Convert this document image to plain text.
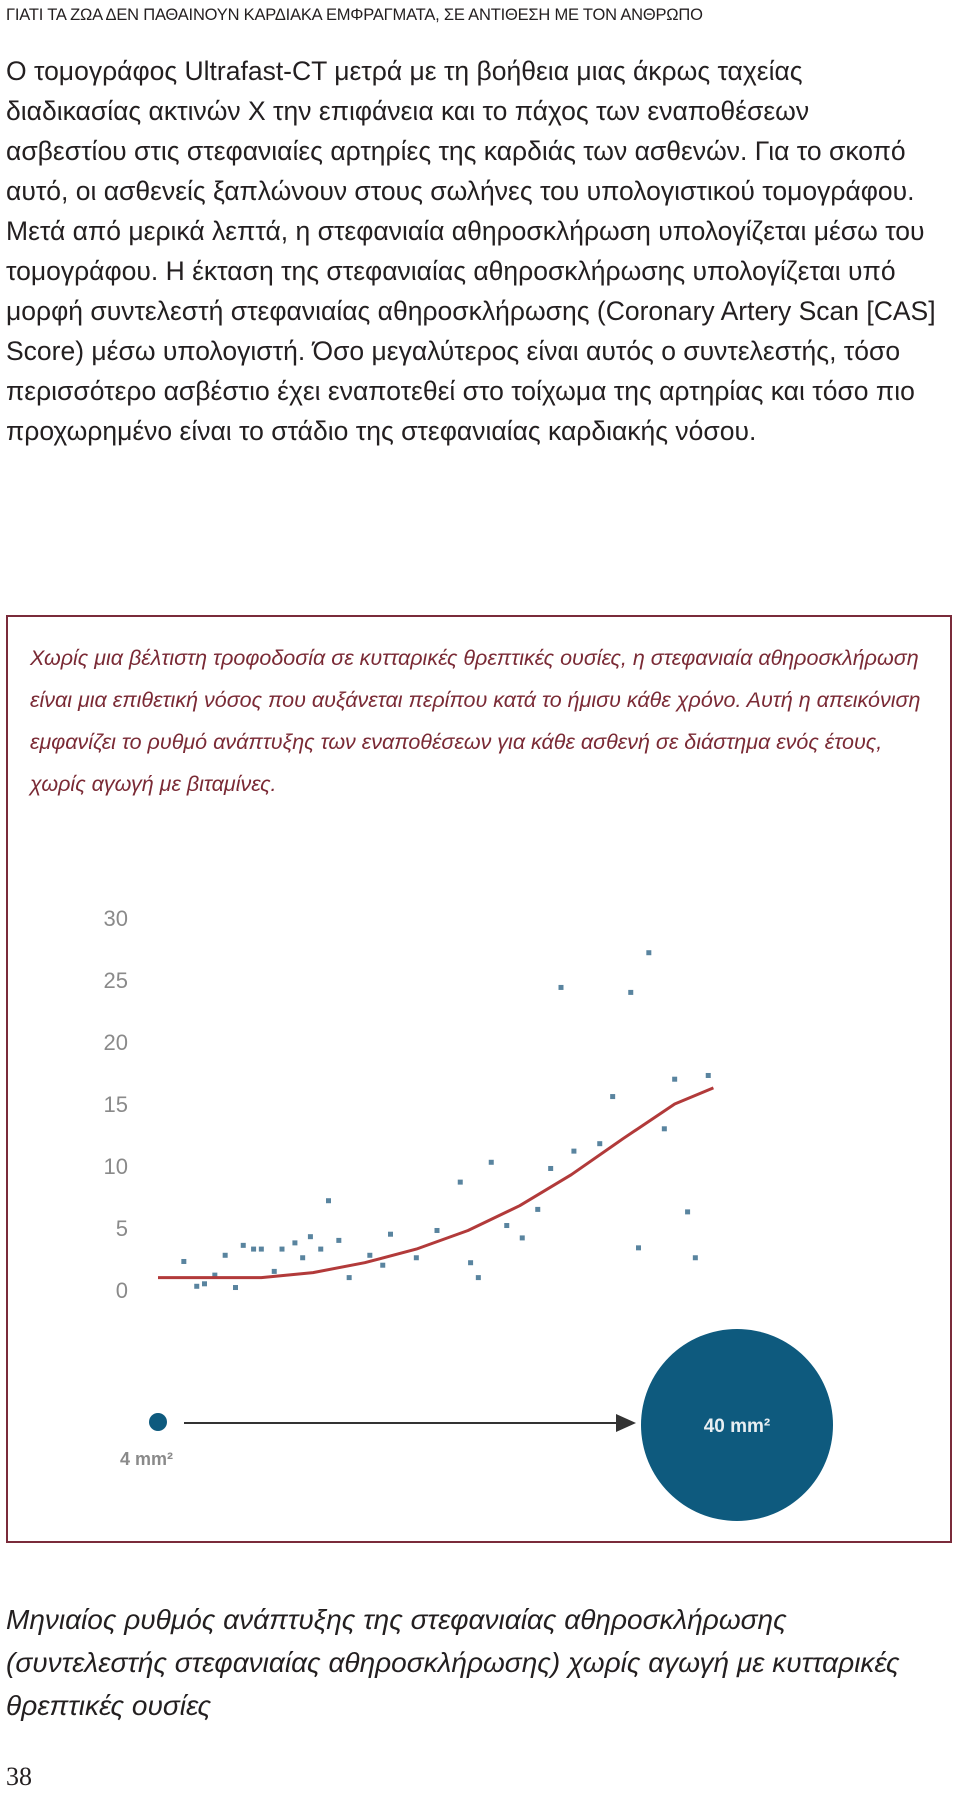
ΓΙΑΤΙ ΤΑ ΖΩΑ ΔΕΝ ΠΑΘΑΙΝΟΥΝ ΚΑΡΔΙΑΚΑ ΕΜΦΡΑΓΜΑΤΑ, ΣΕ ΑΝΤΙΘΕΣΗ ΜΕ ΤΟΝ ΑΝΘΡΩΠΟ

Ο τομογράφος Ultrafast-CT μετρά με τη βοήθεια μιας άκρως ταχείας διαδικασίας ακτινών Χ την επιφάνεια και το πάχος των εναποθέσεων ασβεστίου στις στεφανιαίες αρτηρίες της καρδιάς των ασθενών. Για το σκοπό αυτό, οι ασθενείς ξαπλώνουν στους σωλήνες του υπολογιστικού τομογράφου. Μετά από μερικά λεπτά, η στεφανιαία αθηροσκλήρωση υπολογίζεται μέσω του τομογράφου. Η έκταση της στεφανιαίας αθηροσκλήρωσης υπολογίζεται υπό μορφή συντελεστή στεφανιαίας αθηροσκλήρωσης (Coronary Artery Scan [CAS] Score) μέσω υπολογιστή. Όσο μεγαλύτερος είναι αυτός ο συντελεστής, τόσο περισσότερο ασβέστιο έχει εναποτεθεί στο τοίχωμα της αρτηρίας και τόσο πιο προχωρημένο είναι το στάδιο της στεφανιαίας καρδιακής νόσου.

Χωρίς μια βέλτιστη τροφοδοσία σε κυτταρικές θρεπτικές ουσίες, η στεφανιαία αθηροσκλήρωση είναι μια επιθετική νόσος που αυξάνεται περίπου κατά το ήμισυ κάθε χρόνο. Αυτή η απεικόνιση εμφανίζει το ρυθμό ανάπτυξης των εναποθέσεων για κάθε ασθενή σε διάστημα ενός έτους, χωρίς αγωγή με βιταμίνες.

0
5
10
15
20
25
30
4 mm²
40 mm²

Μηνιαίος ρυθμός ανάπτυξης της στεφανιαίας αθηροσκλήρωσης (συντελεστής στεφανιαίας αθηροσκλήρωσης) χωρίς αγωγή με κυτταρικές θρεπτικές ουσίες

38
